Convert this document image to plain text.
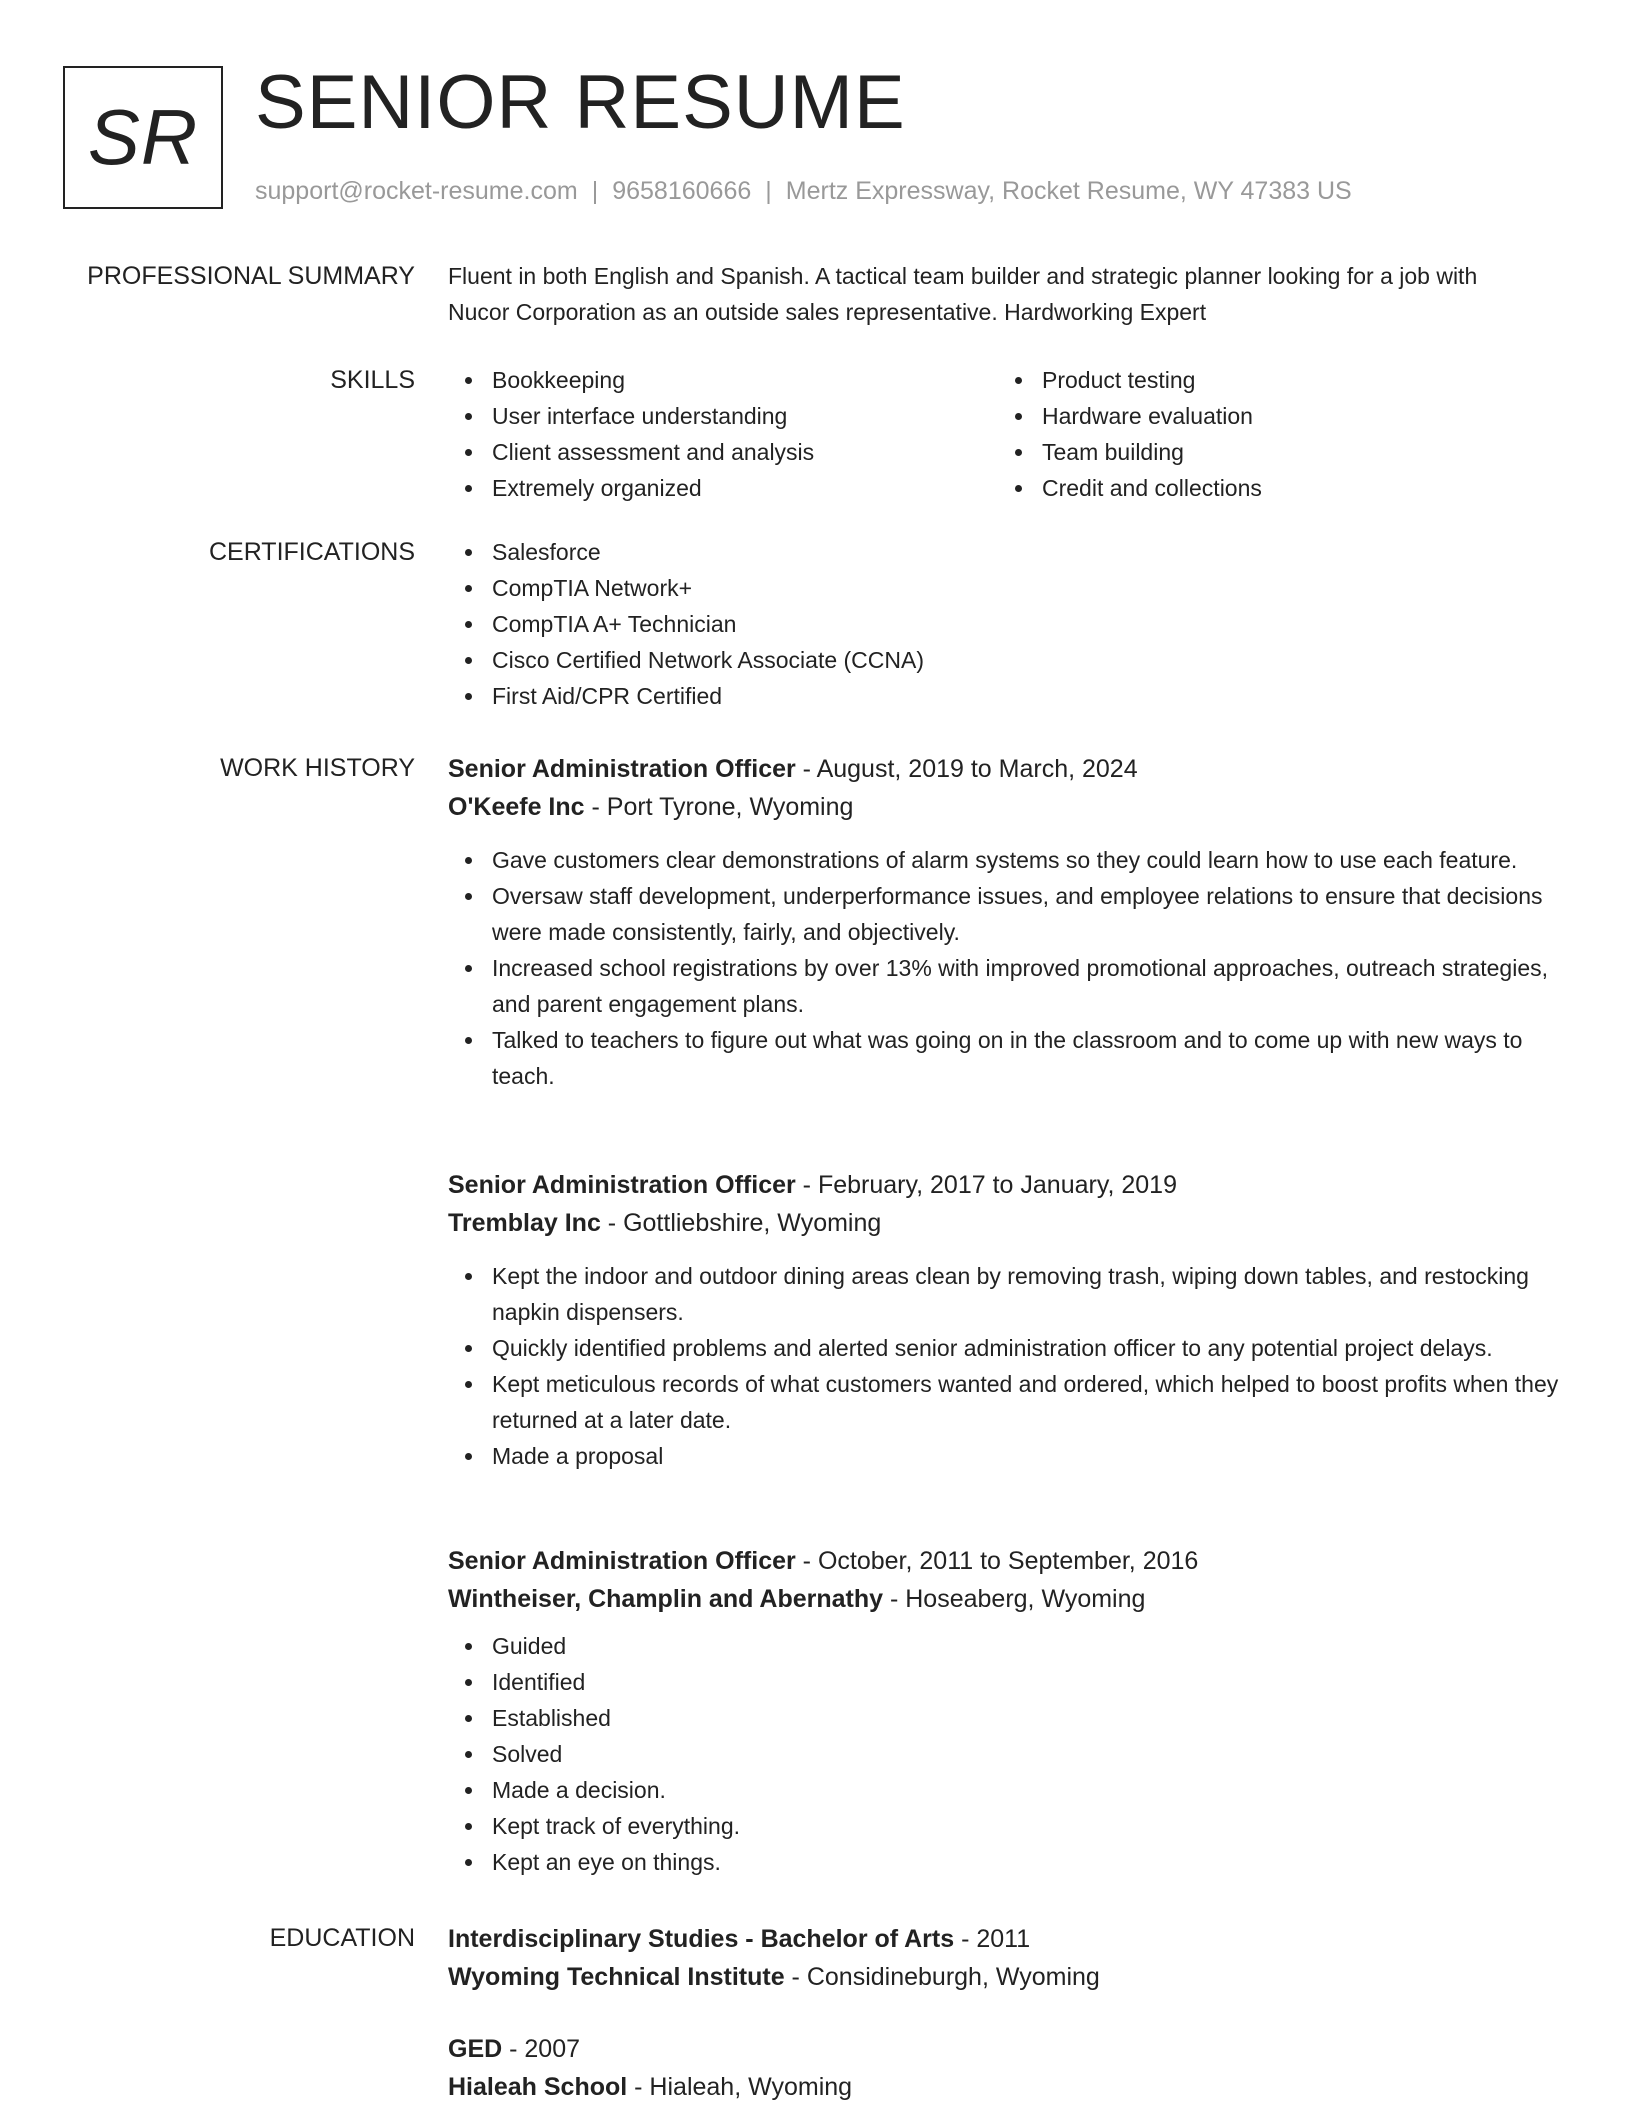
SR SENIOR RESUME
support@rocket-resume.com | 9658160666 | Mertz Expressway, Rocket Resume, WY 47383 US
PROFESSIONAL SUMMARY Fluent in both English and Spanish. A tactical team builder and strategic planner looking for a job with
Nucor Corporation as an outside sales representative. Hardworking Expert
SKILLS	Bookkeeping
User interface understanding
Client assessment and analysis
Extremely organized
Product testing
Hardware evaluation
Team building
Credit and collections
CERTIFICATIONS	Salesforce
CompTIA Network+
CompTIA A+ Technician
Cisco Certified Network Associate (CCNA)
First Aid/CPR Certified
WORK HISTORY Senior Administration Officer - August, 2019 to March, 2024
O'Keefe Inc - Port Tyrone, Wyoming
Gave customers clear demonstrations of alarm systems so they could learn how to use each feature.
Oversaw staff development, underperformance issues, and employee relations to ensure that decisions were made consistently, fairly, and objectively.
Increased school registrations by over 13% with improved promotional approaches, outreach strategies, and parent engagement plans.
Talked to teachers to figure out what was going on in the classroom and to come up with new ways to teach.
Senior Administration Officer - February, 2017 to January, 2019
Tremblay Inc - Gottliebshire, Wyoming
Kept the indoor and outdoor dining areas clean by removing trash, wiping down tables, and restocking napkin dispensers.
Quickly identified problems and alerted senior administration officer to any potential project delays.
Kept meticulous records of what customers wanted and ordered, which helped to boost profits when they returned at a later date.
Made a proposal
Senior Administration Officer - October, 2011 to September, 2016
Wintheiser, Champlin and Abernathy - Hoseaberg, Wyoming
Guided
Identified
Established
Solved
Made a decision.
Kept track of everything.
Kept an eye on things.
EDUCATION Interdisciplinary Studies - Bachelor of Arts - 2011
Wyoming Technical Institute - Considineburgh, Wyoming
GED - 2007
Hialeah School - Hialeah, Wyoming
